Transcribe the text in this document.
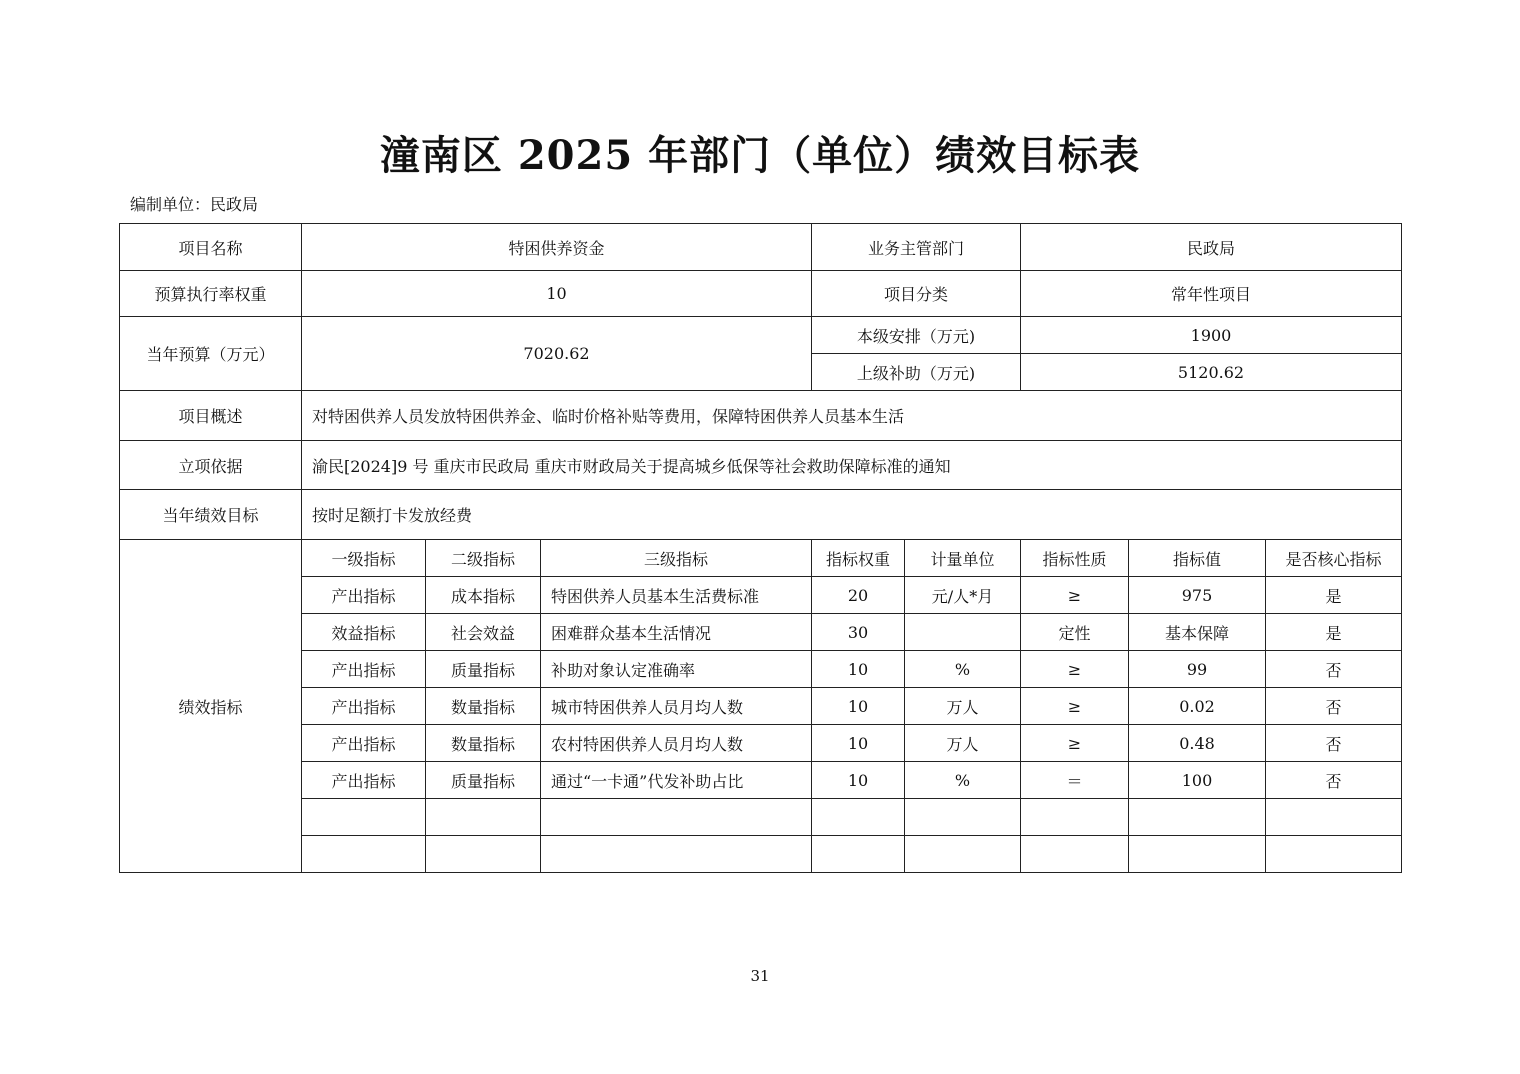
潼南区 2025 年部门（单位）绩效目标表
编制单位：民政局
项目名称	特困供养资金			业务主管部门		民政局		
预算执行率权重	10			项目分类		常年性项目		
当年预算（万元）	7020.62			本级安排（万元)		1900		
				上级补助（万元)		5120.62		
项目概述	对特困供养人员发放特困供养金、临时价格补贴等费用，保障特困供养人员基本生活							
立项依据	渝民[2024]9 号 重庆市民政局 重庆市财政局关于提高城乡低保等社会救助保障标准的通知							
当年绩效目标	按时足额打卡发放经费							
绩效指标	一级指标	二级指标	三级指标	指标权重	计量单位	指标性质	指标值	是否核心指标
	产出指标	成本指标	特困供养人员基本生活费标准	20	元/人*月	≥	975	是
	效益指标	社会效益	困难群众基本生活情况	30		定性	基本保障	是
	产出指标	质量指标	补助对象认定准确率	10	%	≥	99	否
	产出指标	数量指标	城市特困供养人员月均人数	10	万人	≥	0.02	否
	产出指标	数量指标	农村特困供养人员月均人数	10	万人	≥	0.48	否
	产出指标	质量指标	通过“一卡通”代发补助占比	10	%	＝	100	否

31
